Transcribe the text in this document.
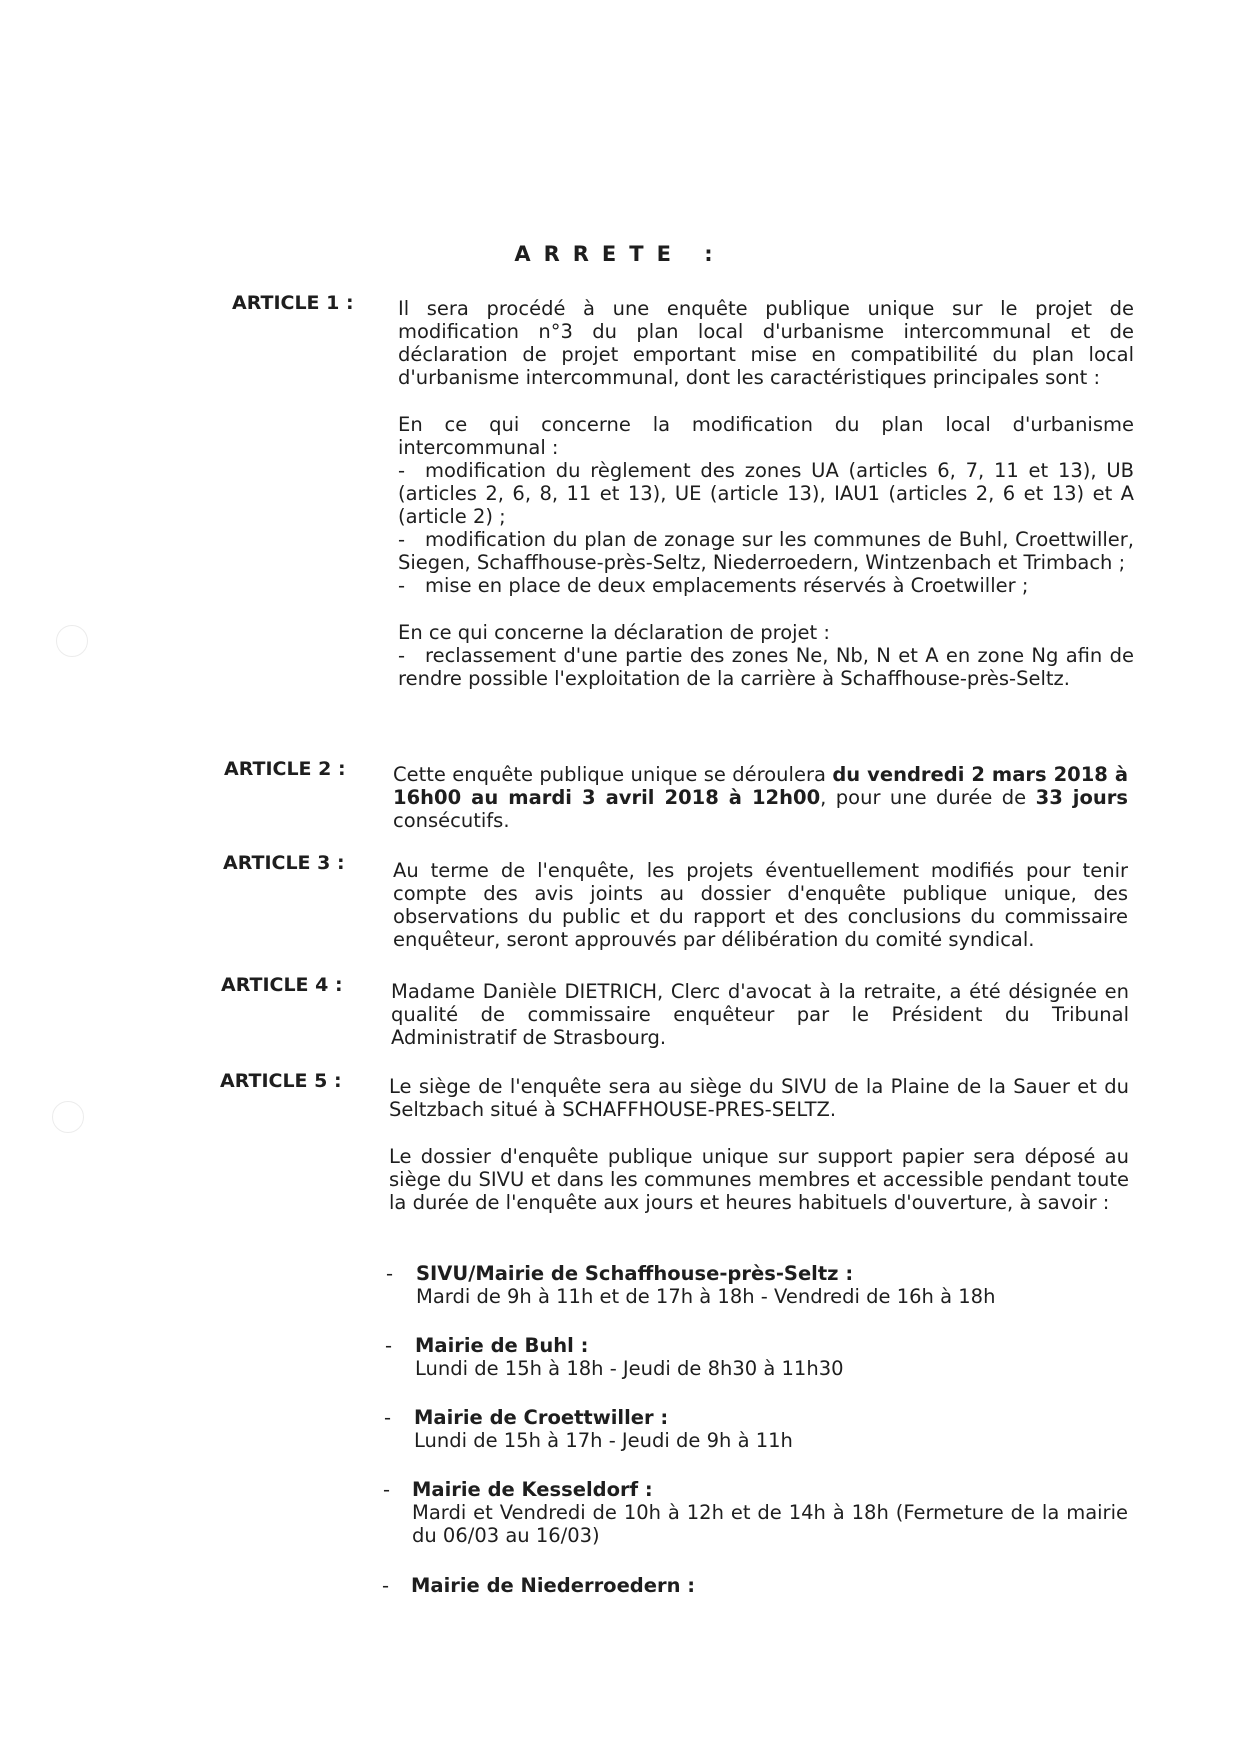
ARRETE :
ARTICLE 1 : Il sera procédé à une enquête publique unique sur le projet de modification n°3 du plan local d'urbanisme intercommunal et de déclaration de projet emportant mise en compatibilité du plan local d'urbanisme intercommunal, dont les caractéristiques principales sont :

En ce qui concerne la modification du plan local d'urbanisme intercommunal :

- modification du règlement des zones UA (articles 6, 7, 11 et 13), UB (articles 2, 6, 8, 11 et 13), UE (article 13), IAU1 (articles 2, 6 et 13) et A (article 2) ;

- modification du plan de zonage sur les communes de Buhl, Croettwiller, Siegen, Schaffhouse-près-Seltz, Niederroedern, Wintzenbach et Trimbach ;

- mise en place de deux emplacements réservés à Croetwiller ;

En ce qui concerne la déclaration de projet :

- reclassement d'une partie des zones Ne, Nb, N et A en zone Ng afin de rendre possible l'exploitation de la carrière à Schaffhouse-près-Seltz.

ARTICLE 2 : Cette enquête publique unique se déroulera du vendredi 2 mars 2018 à 16h00 au mardi 3 avril 2018 à 12h00, pour une durée de 33 jours consécutifs.

ARTICLE 3 : Au terme de l'enquête, les projets éventuellement modifiés pour tenir compte des avis joints au dossier d'enquête publique unique, des observations du public et du rapport et des conclusions du commissaire enquêteur, seront approuvés par délibération du comité syndical.

ARTICLE 4 : Madame Danièle DIETRICH, Clerc d'avocat à la retraite, a été désignée en qualité de commissaire enquêteur par le Président du Tribunal Administratif de Strasbourg.

ARTICLE 5 : Le siège de l'enquête sera au siège du SIVU de la Plaine de la Sauer et du Seltzbach situé à SCHAFFHOUSE-PRES-SELTZ.

Le dossier d'enquête publique unique sur support papier sera déposé au siège du SIVU et dans les communes membres et accessible pendant toute la durée de l'enquête aux jours et heures habituels d'ouverture, à savoir :

-	SIVU/Mairie de Schaffhouse-près-Seltz :
Mardi de 9h à 11h et de 17h à 18h - Vendredi de 16h à 18h
-	Mairie de Buhl :
Lundi de 15h à 18h - Jeudi de 8h30 à 11h30
-	Mairie de Croettwiller :
Lundi de 15h à 17h - Jeudi de 9h à 11h
-	Mairie de Kesseldorf :
Mardi et Vendredi de 10h à 12h et de 14h à 18h (Fermeture de la mairie du 06/03 au 16/03)
-	Mairie de Niederroedern :
